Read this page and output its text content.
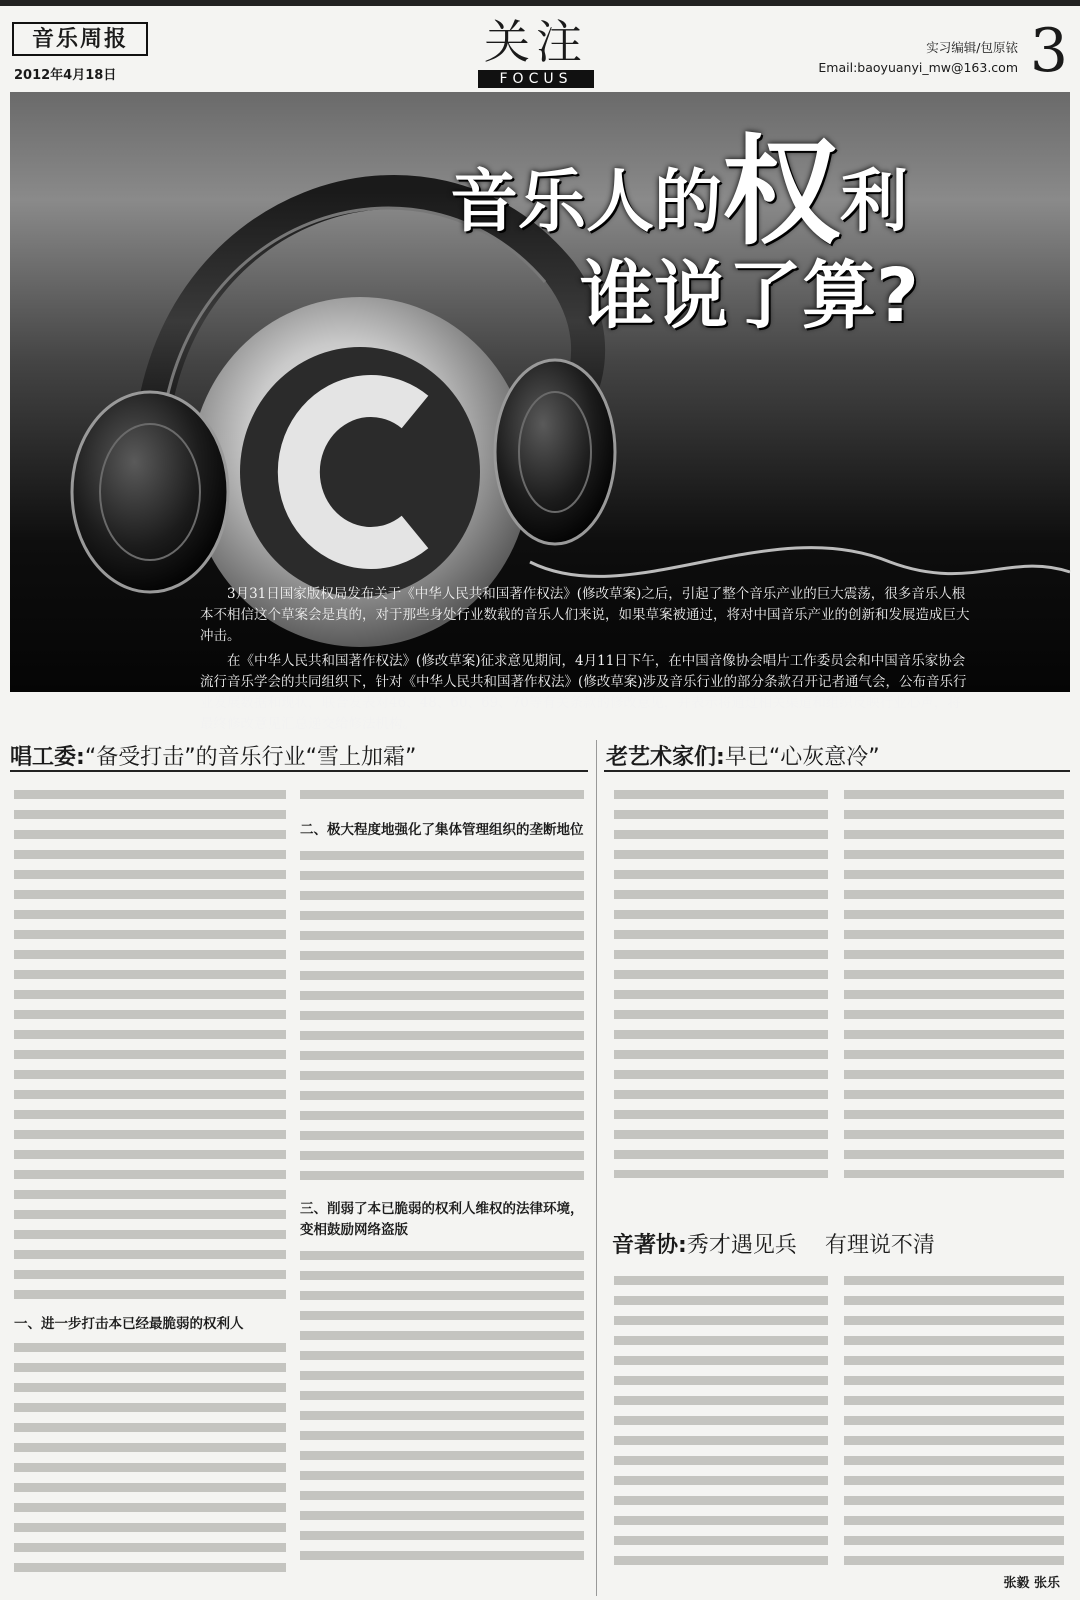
音乐周报
2012年4月18日
关注
FOCUS
实习编辑/包原铱
Email:baoyuanyi_mw@163.com 3
音乐人的权利
谁说了算?

3月31日国家版权局发布关于《中华人民共和国著作权法》(修改草案)之后，引起了整个音乐产业的巨大震荡，很多音乐人根本不相信这个草案会是真的，对于那些身处行业数载的音乐人们来说，如果草案被通过，将对中国音乐产业的创新和发展造成巨大冲击。

在《中华人民共和国著作权法》(修改草案)征求意见期间，4月11日下午，在中国音像协会唱片工作委员会和中国音乐家协会流行音乐学会的共同组织下，针对《中华人民共和国著作权法》(修改草案)涉及音乐行业的部分条款召开记者通气会，公布音乐行业发展数据和现状，联合发表对46、48、60、69、70等有关条款的修改意见，并表示将通过相关渠道和组织反映行业心声，将最终修改意见汇总递交给修法机构。

唱工委:“备受打击”的音乐行业“雪上加霜”	老艺术家们:早已“心灰意冷”

一、进一步打击本已经最脆弱的权利人

二、极大程度地强化了集体管理组织的垄断地位

三、削弱了本已脆弱的权利人维权的法律环境，变相鼓励网络盗版

音著协:秀才遇见兵 有理说不清
张毅 张乐
